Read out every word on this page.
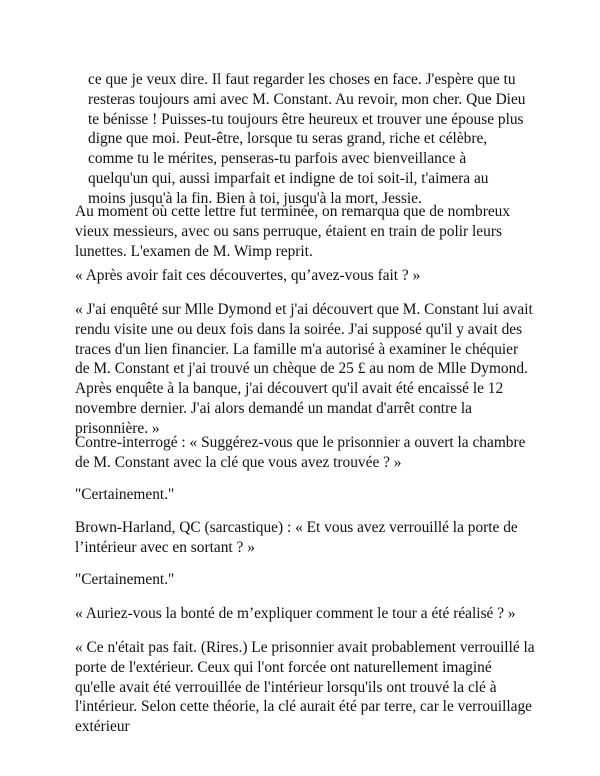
ce que je veux dire. Il faut regarder les choses en face. J'espère que tu resteras toujours ami avec M. Constant. Au revoir, mon cher. Que Dieu te bénisse ! Puisses-tu toujours être heureux et trouver une épouse plus digne que moi. Peut-être, lorsque tu seras grand, riche et célèbre, comme tu le mérites, penseras-tu parfois avec bienveillance à quelqu'un qui, aussi imparfait et indigne de toi soit-il, t'aimera au moins jusqu'à la fin. Bien à toi, jusqu'à la mort, Jessie.

Au moment où cette lettre fut terminée, on remarqua que de nombreux vieux messieurs, avec ou sans perruque, étaient en train de polir leurs lunettes. L'examen de M. Wimp reprit.

« Après avoir fait ces découvertes, qu’avez-vous fait ? »

« J'ai enquêté sur Mlle Dymond et j'ai découvert que M. Constant lui avait rendu visite une ou deux fois dans la soirée. J'ai supposé qu'il y avait des traces d'un lien financier. La famille m'a autorisé à examiner le chéquier de M. Constant et j'ai trouvé un chèque de 25 £ au nom de Mlle Dymond. Après enquête à la banque, j'ai découvert qu'il avait été encaissé le 12 novembre dernier. J'ai alors demandé un mandat d'arrêt contre la prisonnière. »

Contre-interrogé : « Suggérez-vous que le prisonnier a ouvert la chambre de M. Constant avec la clé que vous avez trouvée ? »

"Certainement."

Brown-Harland, QC (sarcastique) : « Et vous avez verrouillé la porte de l’intérieur avec en sortant ? »

"Certainement."

« Auriez-vous la bonté de m’expliquer comment le tour a été réalisé ? »

« Ce n'était pas fait. (Rires.) Le prisonnier avait probablement verrouillé la porte de l'extérieur. Ceux qui l'ont forcée ont naturellement imaginé qu'elle avait été verrouillée de l'intérieur lorsqu'ils ont trouvé la clé à l'intérieur. Selon cette théorie, la clé aurait été par terre, car le verrouillage extérieur
